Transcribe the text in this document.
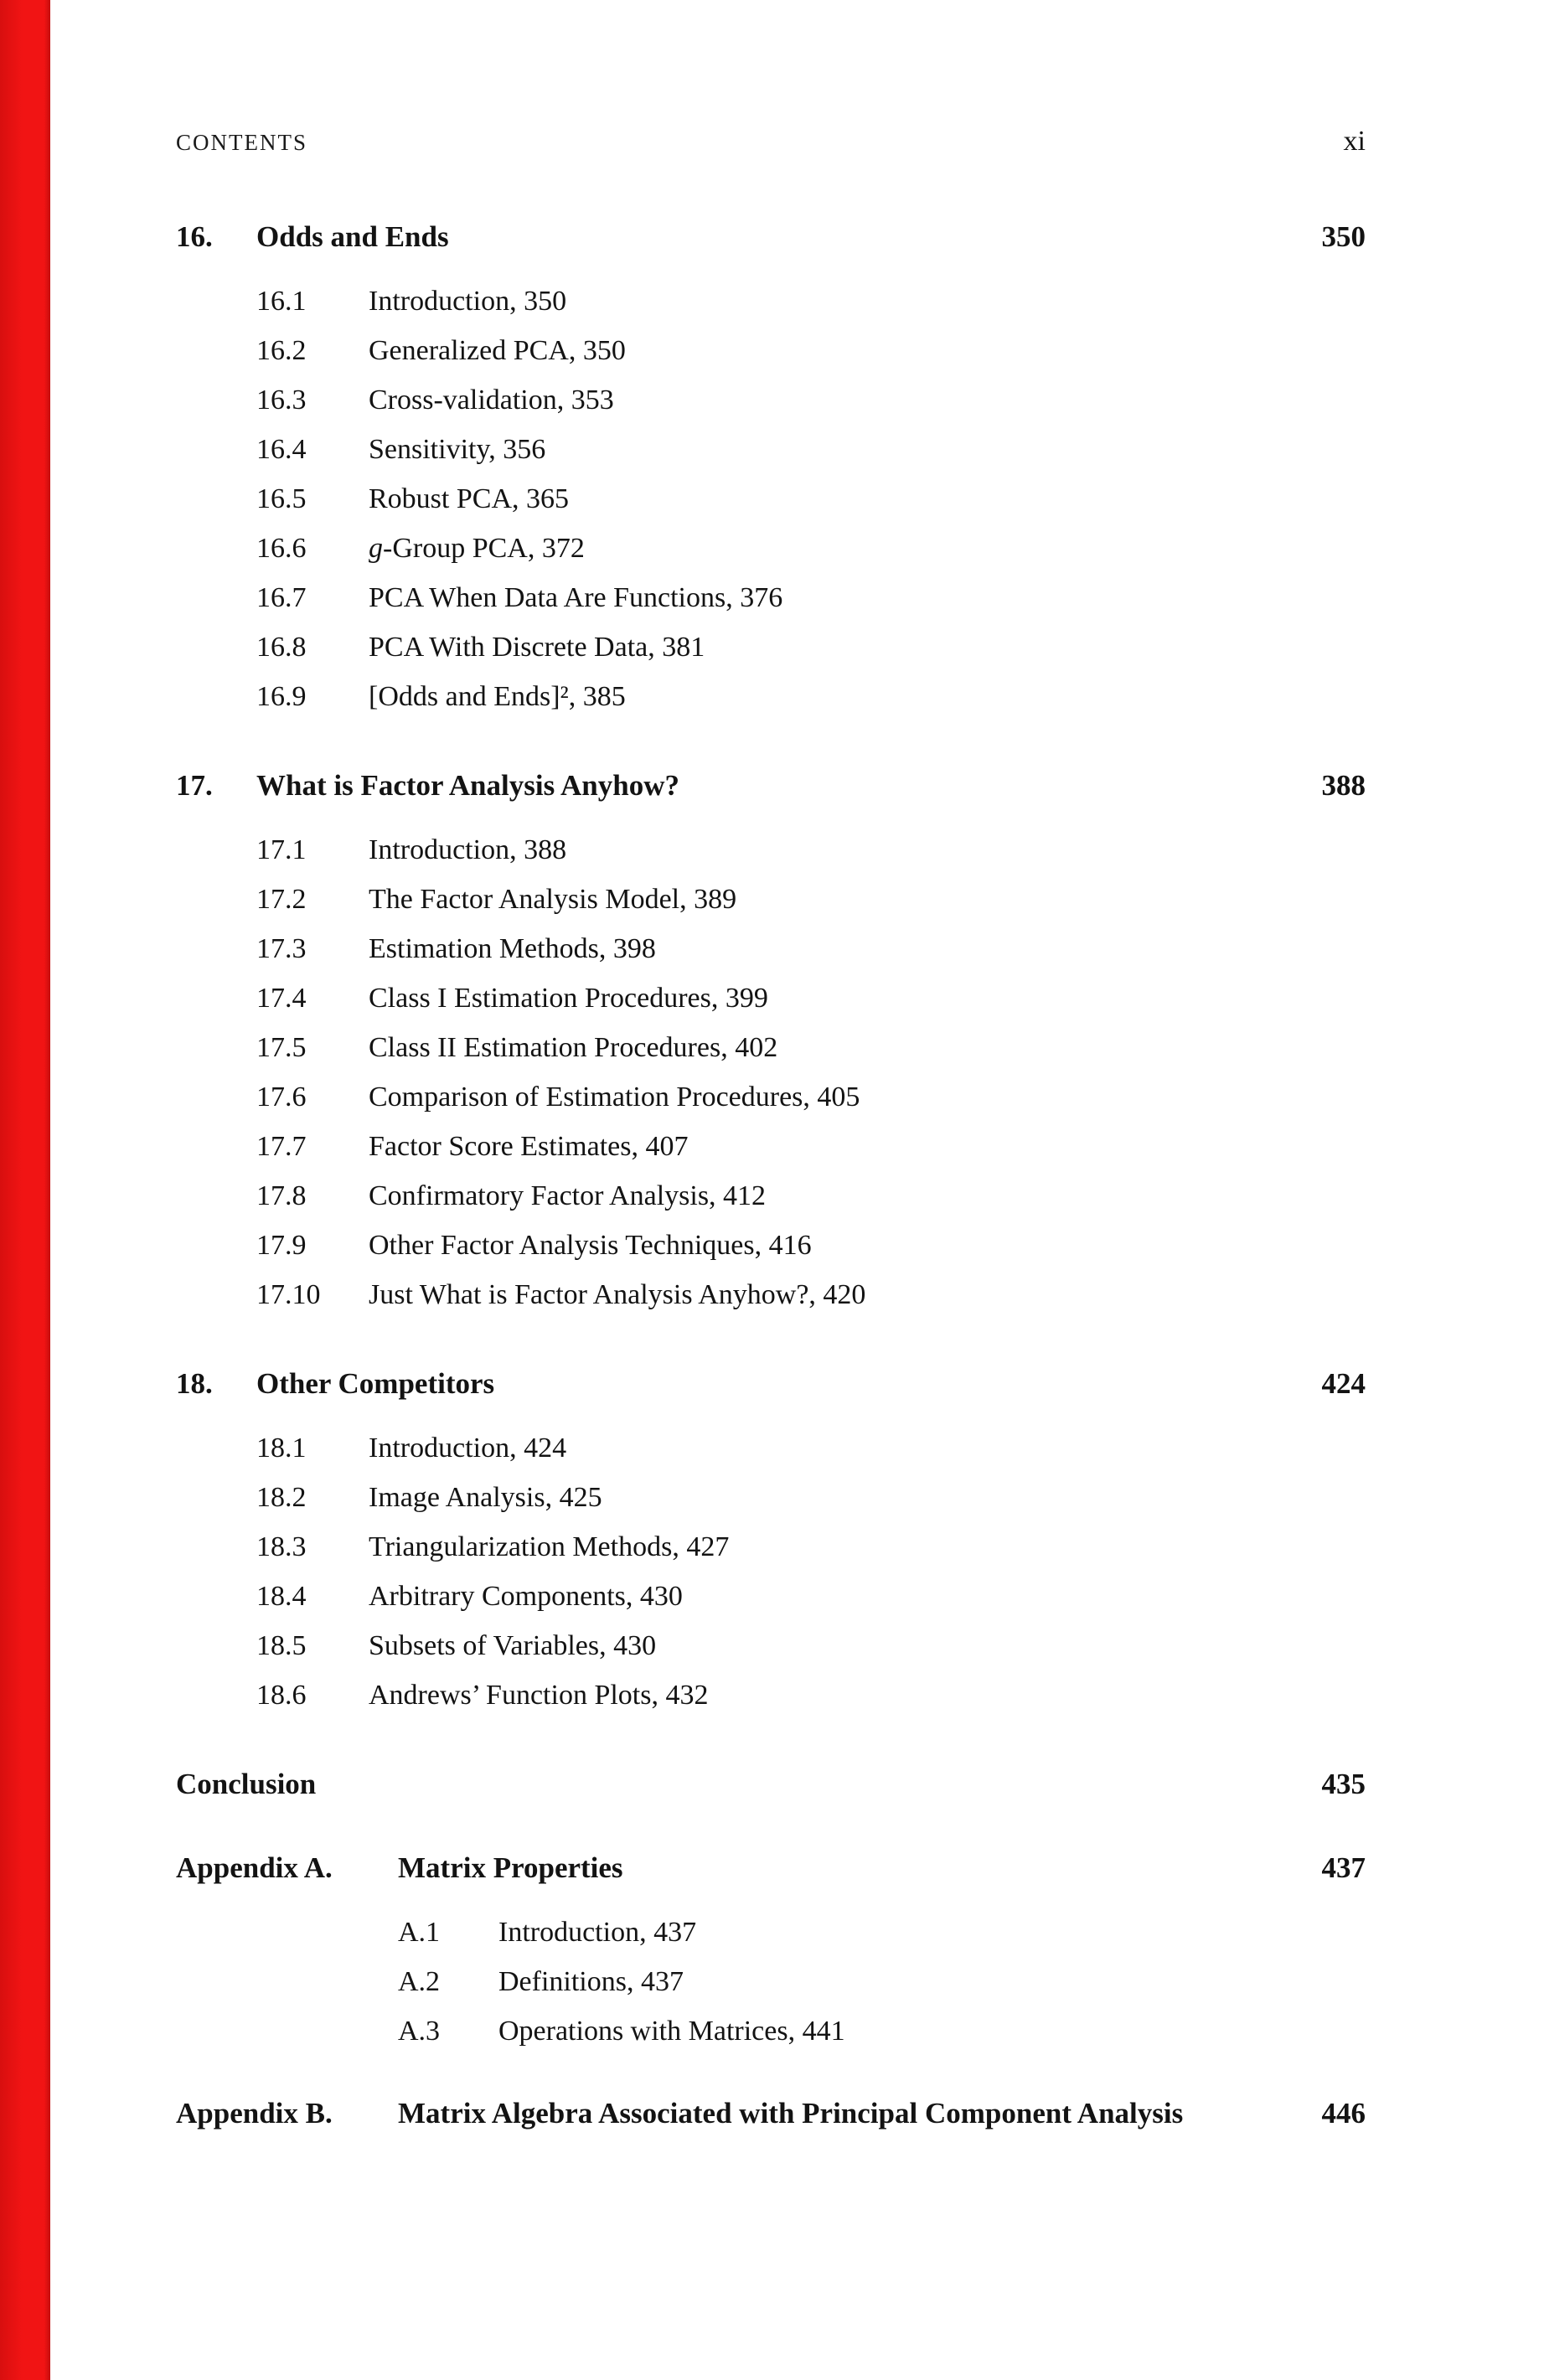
CONTENTS	xi
16.	Odds and Ends	350
16.1	Introduction, 350
16.2	Generalized PCA, 350
16.3	Cross-validation, 353
16.4	Sensitivity, 356
16.5	Robust PCA, 365
16.6	g-Group PCA, 372
16.7	PCA When Data Are Functions, 376
16.8	PCA With Discrete Data, 381
16.9	[Odds and Ends]², 385
17.	What is Factor Analysis Anyhow?	388
17.1	Introduction, 388
17.2	The Factor Analysis Model, 389
17.3	Estimation Methods, 398
17.4	Class I Estimation Procedures, 399
17.5	Class II Estimation Procedures, 402
17.6	Comparison of Estimation Procedures, 405
17.7	Factor Score Estimates, 407
17.8	Confirmatory Factor Analysis, 412
17.9	Other Factor Analysis Techniques, 416
17.10	Just What is Factor Analysis Anyhow?, 420
18.	Other Competitors	424
18.1	Introduction, 424
18.2	Image Analysis, 425
18.3	Triangularization Methods, 427
18.4	Arbitrary Components, 430
18.5	Subsets of Variables, 430
18.6	Andrews’ Function Plots, 432
Conclusion	435
Appendix A.	Matrix Properties	437
A.1	Introduction, 437
A.2	Definitions, 437
A.3	Operations with Matrices, 441
Appendix B.	Matrix Algebra Associated with Principal Component Analysis	446
